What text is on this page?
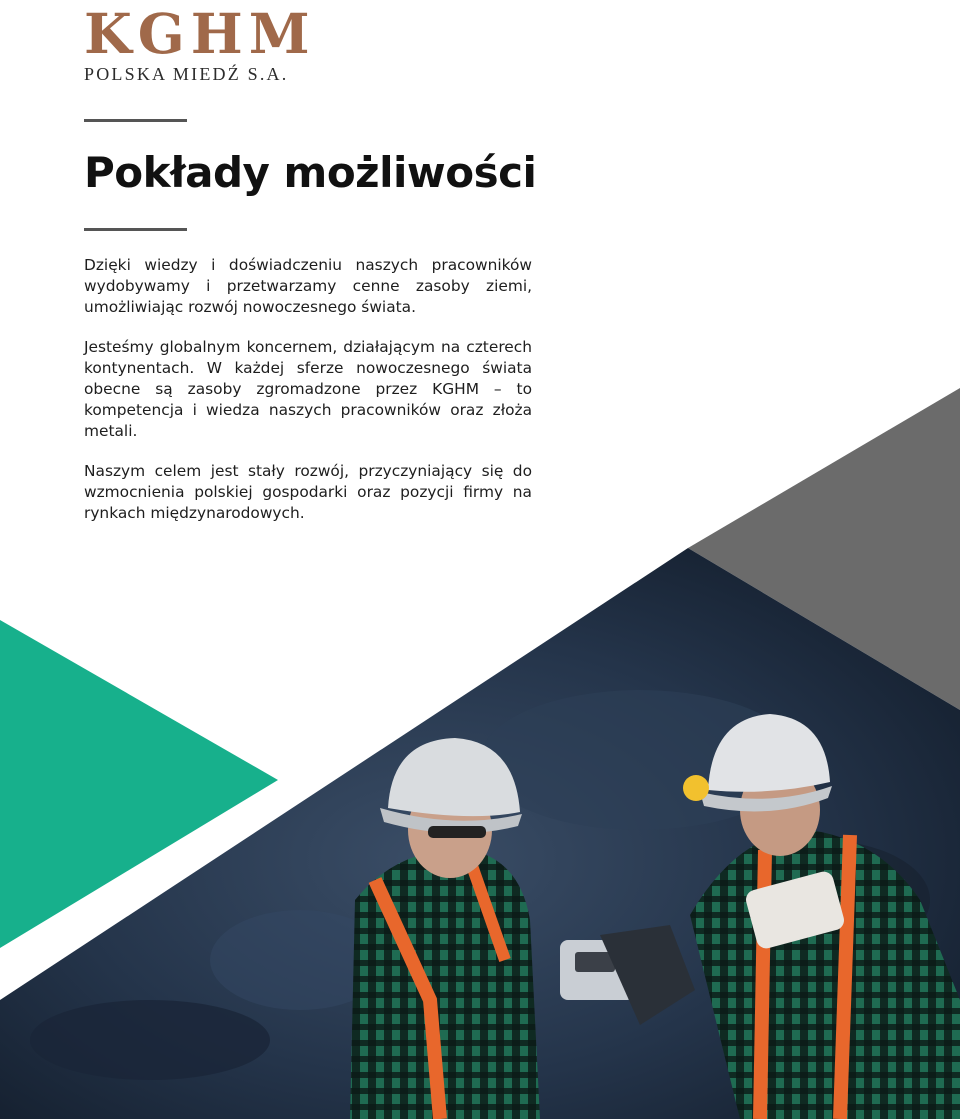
KGHM
POLSKA MIEDŹ S.A.
Pokłady możliwości

Dzięki wiedzy i doświadczeniu naszych pracowników wydobywamy i przetwarzamy cenne zasoby ziemi, umożliwiając rozwój nowoczesnego świata.

Jesteśmy globalnym koncernem, działającym na czterech kontynentach. W każdej sferze nowoczesnego świata obecne są zasoby zgromadzone przez KGHM – to kompetencja i wiedza naszych pracowników oraz złoża metali.

Naszym celem jest stały rozwój, przyczyniający się do wzmocnienia polskiej gospodarki oraz pozycji firmy na rynkach międzynarodowych.
